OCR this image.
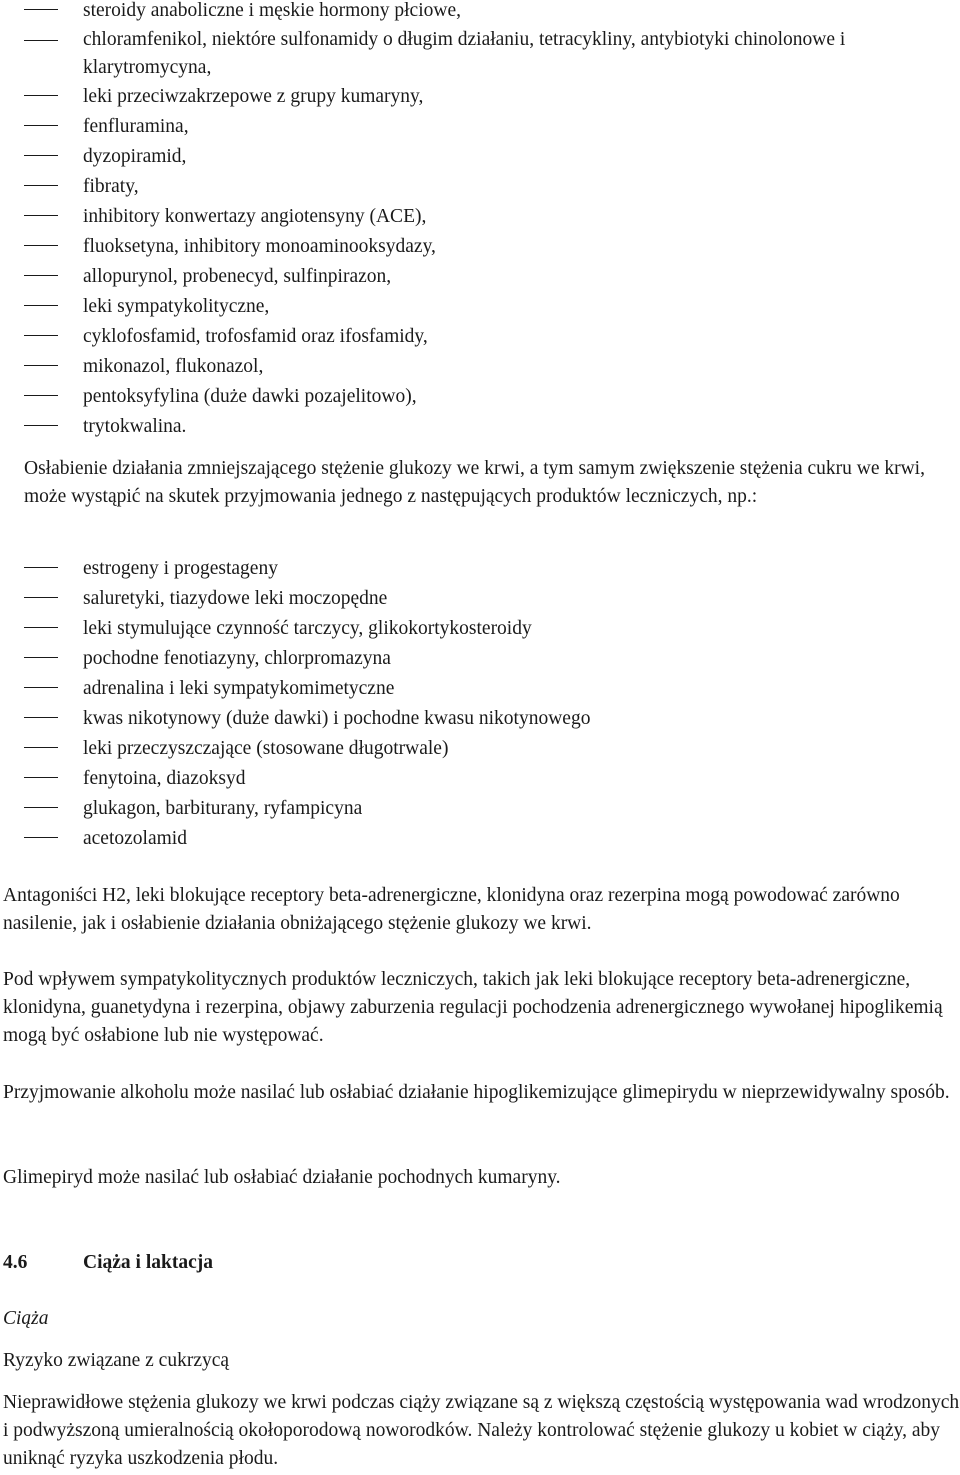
steroidy anaboliczne i męskie hormony płciowe,
chloramfenikol, niektóre sulfonamidy o długim działaniu, tetracykliny, antybiotyki chinolonowe i klarytromycyna,
leki przeciwzakrzepowe z grupy kumaryny,
fenfluramina,
dyzopiramid,
fibraty,
inhibitory konwertazy angiotensyny (ACE),
fluoksetyna, inhibitory monoaminooksydazy,
allopurynol, probenecyd, sulfinpirazon,
leki sympatykolityczne,
cyklofosfamid, trofosfamid oraz ifosfamidy,
mikonazol, flukonazol,
pentoksyfylina (duże dawki pozajelitowo),
trytokwalina.

Osłabienie działania zmniejszającego stężenie glukozy we krwi, a tym samym zwiększenie stężenia cukru we krwi, może wystąpić na skutek przyjmowania jednego z następujących produktów leczniczych, np.:

estrogeny i progestageny
saluretyki, tiazydowe leki moczopędne
leki stymulujące czynność tarczycy, glikokortykosteroidy
pochodne fenotiazyny, chlorpromazyna
adrenalina i leki sympatykomimetyczne
kwas nikotynowy (duże dawki) i pochodne kwasu nikotynowego
leki przeczyszczające (stosowane długotrwale)
fenytoina, diazoksyd
glukagon, barbiturany, ryfampicyna
acetozolamid

Antagoniści H2, leki blokujące receptory beta-adrenergiczne, klonidyna oraz rezerpina mogą powodować zarówno nasilenie, jak i osłabienie działania obniżającego stężenie glukozy we krwi.

Pod wpływem sympatykolitycznych produktów leczniczych, takich jak leki blokujące receptory beta-adrenergiczne, klonidyna, guanetydyna i rezerpina, objawy zaburzenia regulacji pochodzenia adrenergicznego wywołanej hipoglikemią mogą być osłabione lub nie występować.

Przyjmowanie alkoholu może nasilać lub osłabiać działanie hipoglikemizujące glimepirydu w nieprzewidywalny sposób.

Glimepiryd może nasilać lub osłabiać działanie pochodnych kumaryny.

4.6	Ciąża i laktacja
Ciąża
Ryzyko związane z cukrzycą

Nieprawidłowe stężenia glukozy we krwi podczas ciąży związane są z większą częstością występowania wad wrodzonych i podwyższoną umieralnością okołoporodową noworodków. Należy kontrolować stężenie glukozy u kobiet w ciąży, aby uniknąć ryzyka uszkodzenia płodu.
